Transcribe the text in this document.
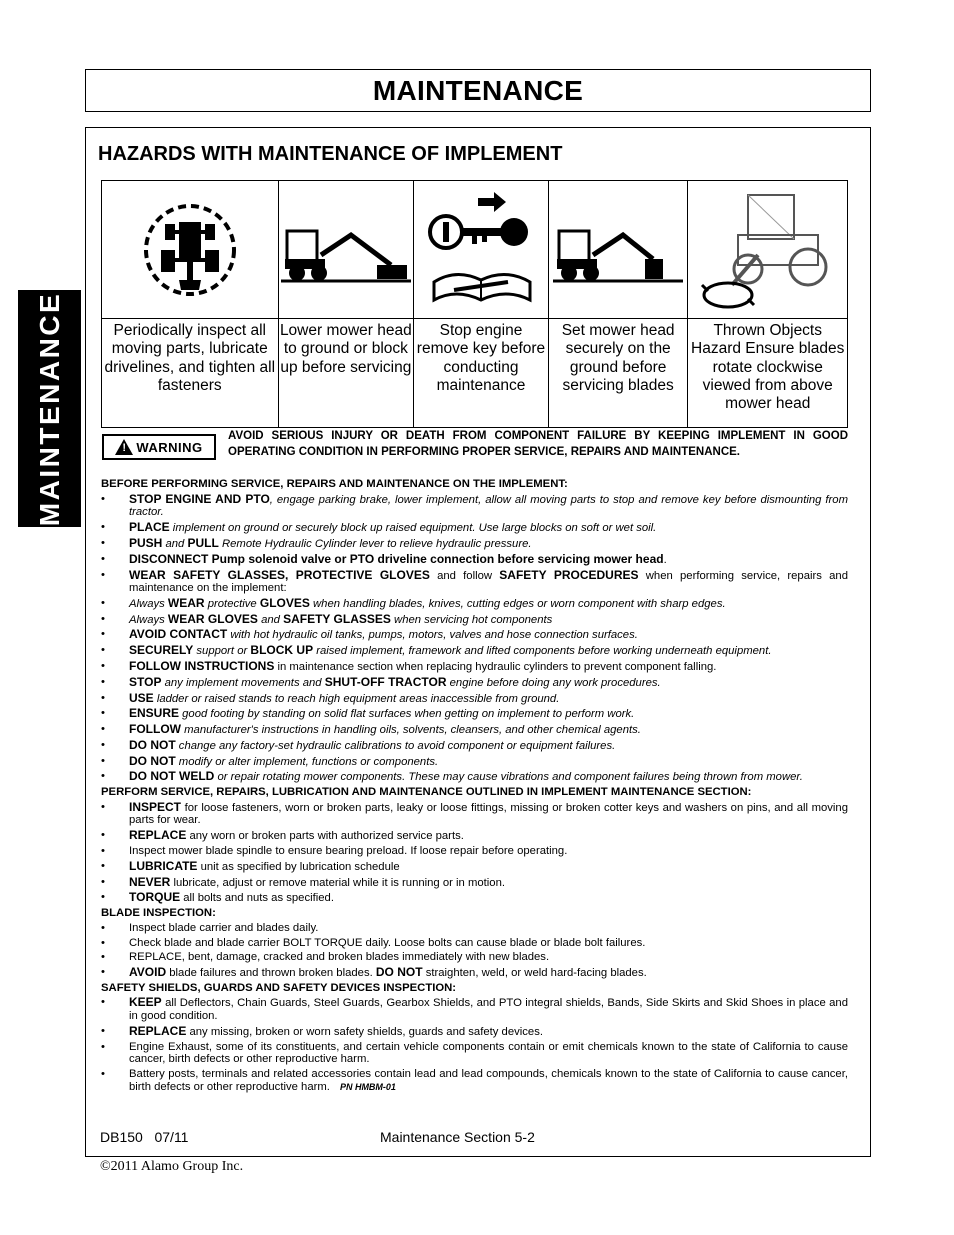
MAINTENANCE
MAINTENANCE
HAZARDS WITH MAINTENANCE OF IMPLEMENT
Periodically inspect all moving parts, lubricate drivelines, and tighten all fasteners
Lower mower head to ground or block up before servicing
Stop engine remove key before conducting maintenance
Set mower head securely on the ground before servicing blades
Thrown Objects Hazard Ensure blades rotate clockwise viewed from above mower head
!
WARNING
AVOID SERIOUS INJURY OR DEATH FROM COMPONENT FAILURE BY KEEPING IMPLEMENT IN GOOD OPERATING CONDITION IN PERFORMING PROPER SERVICE, REPAIRS AND MAINTENANCE.
BEFORE PERFORMING SERVICE, REPAIRS AND MAINTENANCE ON THE IMPLEMENT:
• STOP ENGINE AND PTO, engage parking brake, lower implement, allow all moving parts to stop and remove key before dismounting from tractor.
• PLACE implement on ground or securely block up raised equipment. Use large blocks on soft or wet soil.
• PUSH and PULL Remote Hydraulic Cylinder lever to relieve hydraulic pressure.
• DISCONNECT Pump solenoid valve or PTO driveline connection before servicing mower head.
• WEAR SAFETY GLASSES, PROTECTIVE GLOVES and follow SAFETY PROCEDURES when performing service, repairs and maintenance on the implement:
• Always WEAR protective GLOVES when handling blades, knives, cutting edges or worn component with sharp edges.
• Always WEAR GLOVES and SAFETY GLASSES when servicing hot components
• AVOID CONTACT with hot hydraulic oil tanks, pumps, motors, valves and hose connection surfaces.
• SECURELY support or BLOCK UP raised implement, framework and lifted components before working underneath equipment.
• FOLLOW INSTRUCTIONS in maintenance section when replacing hydraulic cylinders to prevent component falling.
• STOP any implement movements and SHUT-OFF TRACTOR engine before doing any work procedures.
• USE ladder or raised stands to reach high equipment areas inaccessible from ground.
• ENSURE good footing by standing on solid flat surfaces when getting on implement to perform work.
• FOLLOW manufacturer's instructions in handling oils, solvents, cleansers, and other chemical agents.
• DO NOT change any factory-set hydraulic calibrations to avoid component or equipment failures.
• DO NOT modify or alter implement, functions or components.
• DO NOT WELD or repair rotating mower components. These may cause vibrations and component failures being thrown from mower.
PERFORM SERVICE, REPAIRS, LUBRICATION AND MAINTENANCE OUTLINED IN IMPLEMENT MAINTENANCE SECTION:
• INSPECT for loose fasteners, worn or broken parts, leaky or loose fittings, missing or broken cotter keys and washers on pins, and all moving parts for wear.
• REPLACE any worn or broken parts with authorized service parts.
• Inspect mower blade spindle to ensure bearing preload. If loose repair before operating.
• LUBRICATE unit as specified by lubrication schedule
• NEVER lubricate, adjust or remove material while it is running or in motion.
• TORQUE all bolts and nuts as specified.
BLADE INSPECTION:
• Inspect blade carrier and blades daily.
• Check blade and blade carrier BOLT TORQUE daily. Loose bolts can cause blade or blade bolt failures.
• REPLACE, bent, damage, cracked and broken blades immediately with new blades.
• AVOID blade failures and thrown broken blades. DO NOT straighten, weld, or weld hard-facing blades.
SAFETY SHIELDS, GUARDS AND SAFETY DEVICES INSPECTION:
• KEEP all Deflectors, Chain Guards, Steel Guards, Gearbox Shields, and PTO integral shields, Bands, Side Skirts and Skid Shoes in place and in good condition.
• REPLACE any missing, broken or worn safety shields, guards and safety devices.
• Engine Exhaust, some of its constituents, and certain vehicle components contain or emit chemicals known to the state of California to cause cancer, birth defects or other reproductive harm.
• Battery posts, terminals and related accessories contain lead and lead compounds, chemicals known to the state of California to cause cancer, birth defects or other reproductive harm. PN HMBM-01
DB150   07/11	Maintenance Section 5-2
©2011 Alamo Group Inc.
